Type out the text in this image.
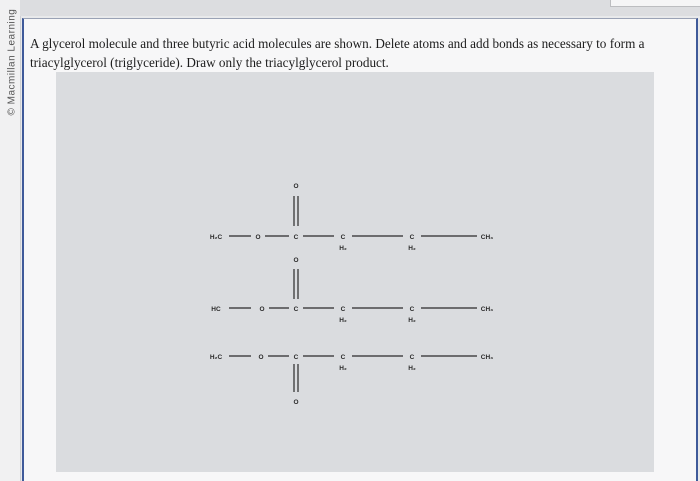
© Macmillan Learning A glycerol molecule and three butyric acid molecules are shown. Delete atoms and add bonds as necessary to form a
triacylglycerol (triglyceride). Draw only the triacylglycerol product.
O
H₂C	O	C	C
H₂
C
H₂
CH₃
O
HC	O	C	C
H₂
C
H₂
CH₃
H₂C	O	C	C
H₂
C
H₂
CH₃
O
